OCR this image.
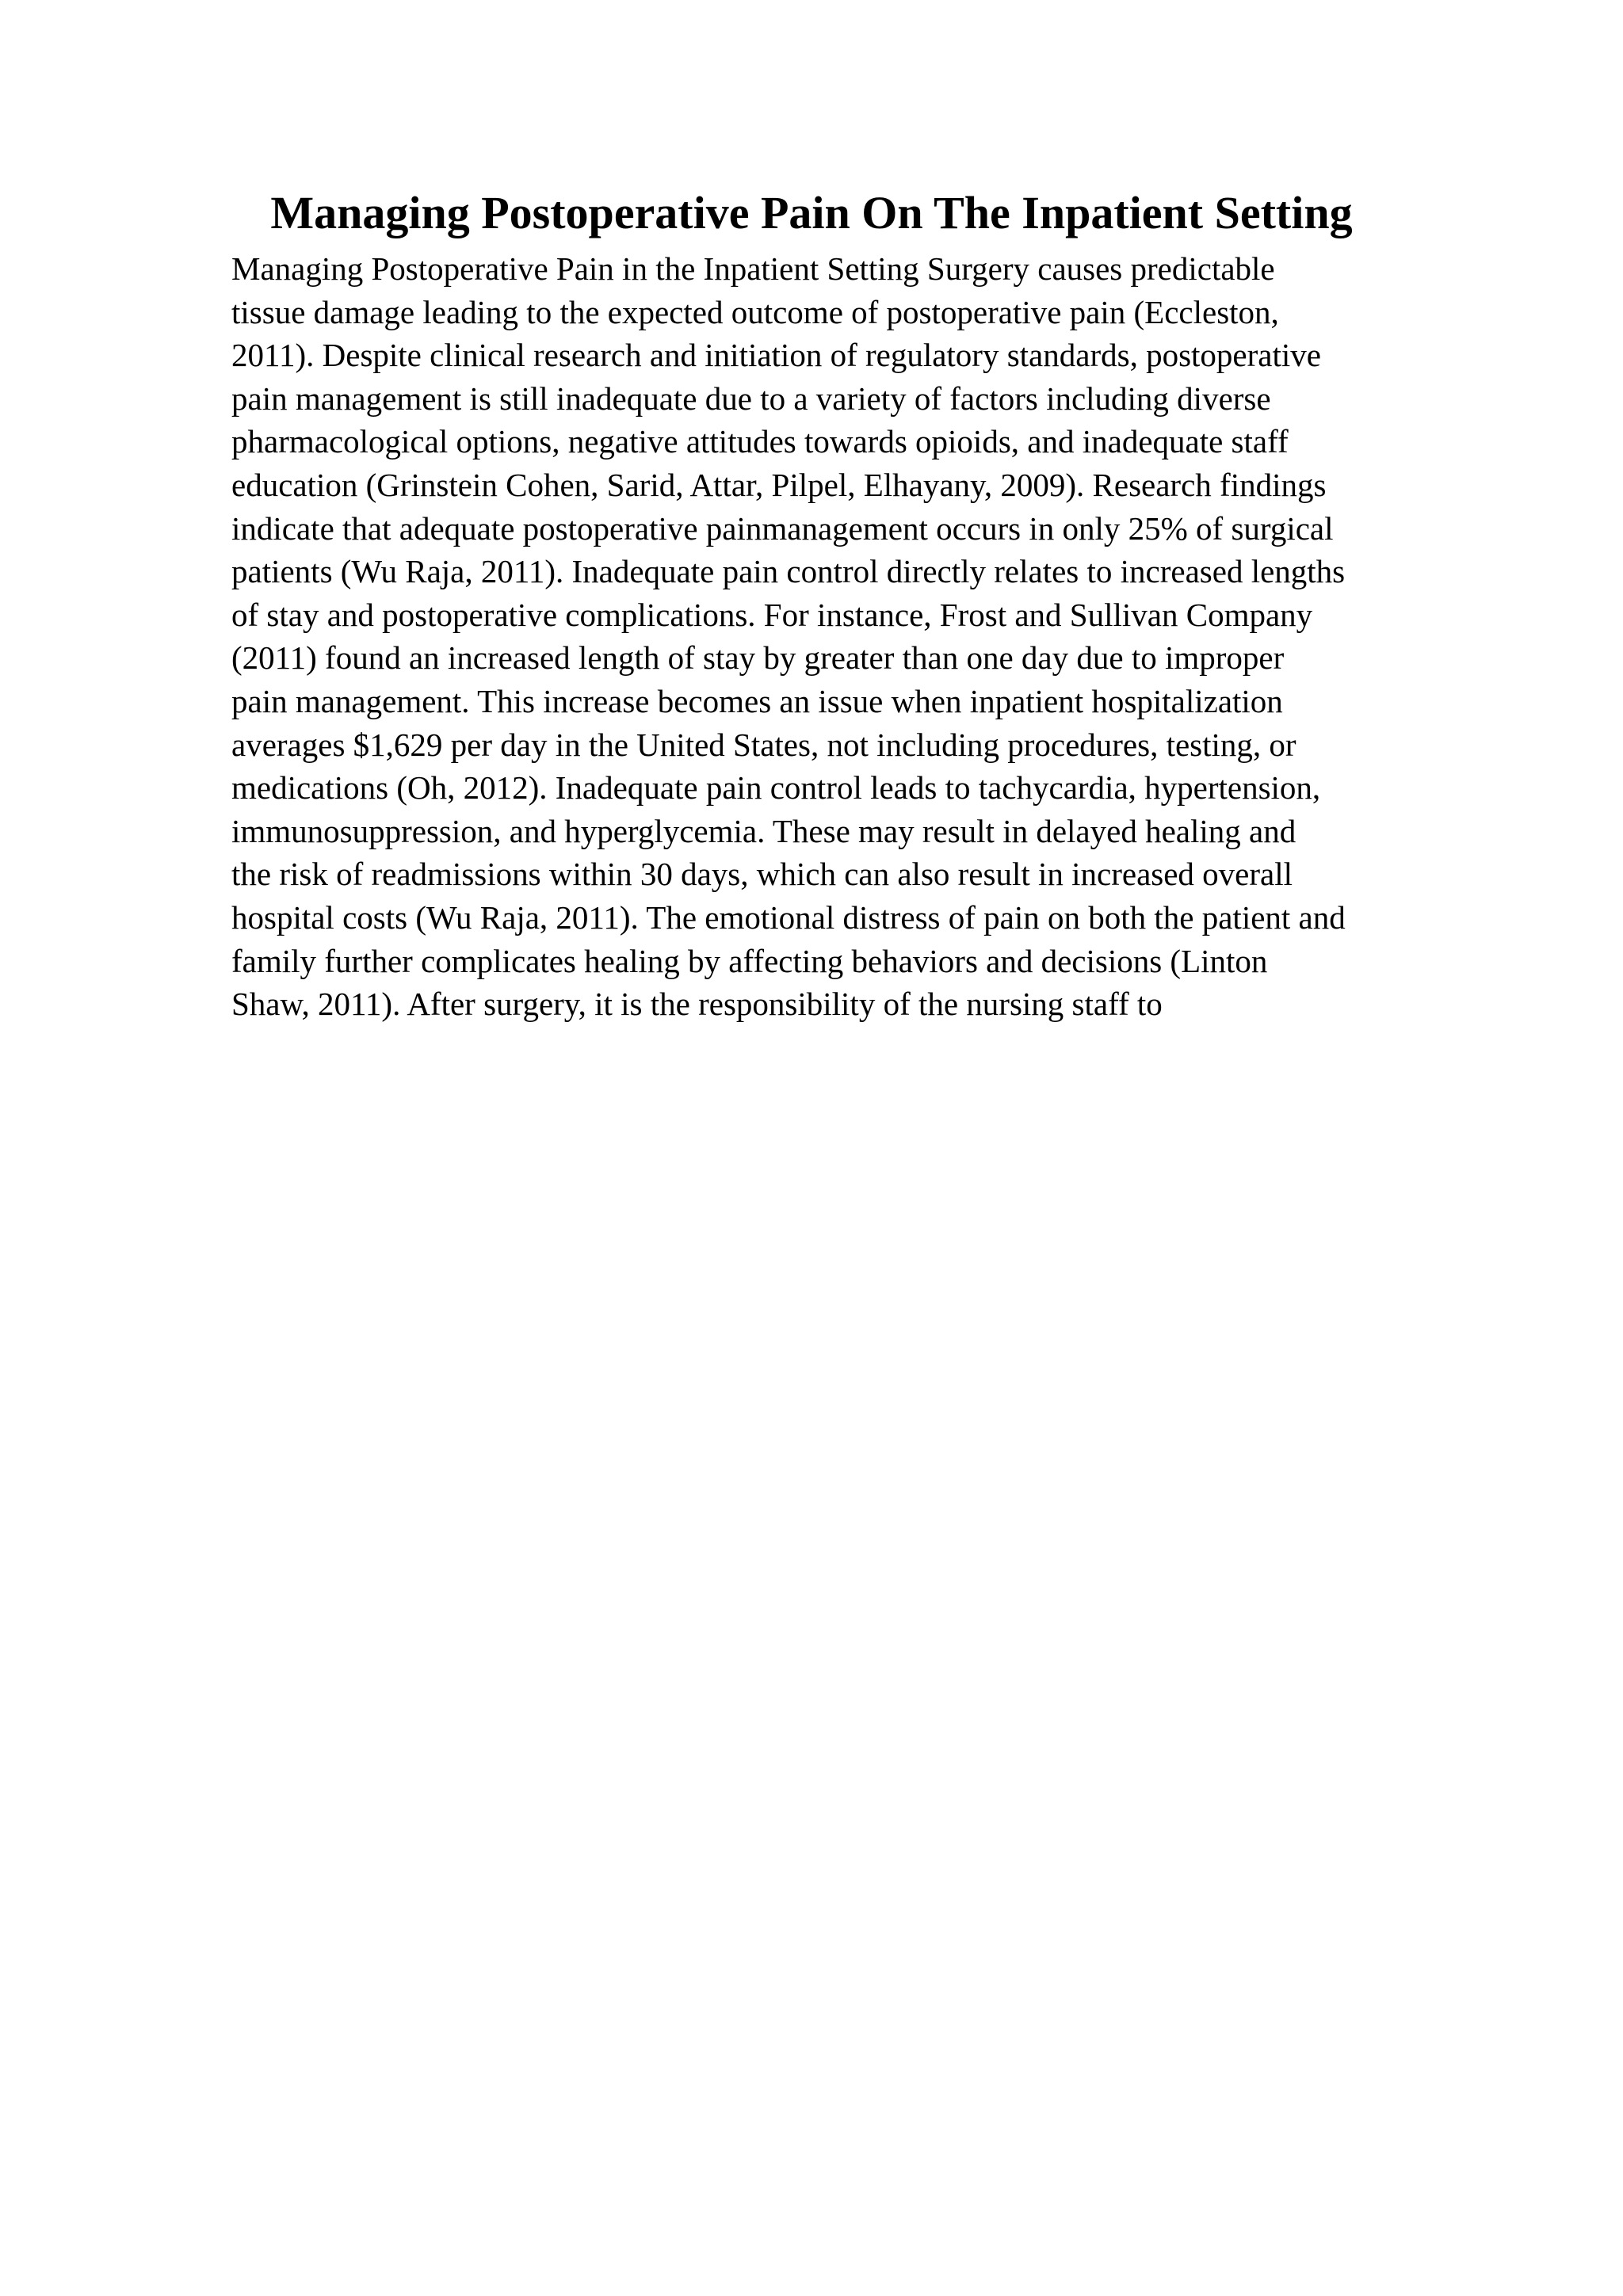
Managing Postoperative Pain On The Inpatient Setting
Managing Postoperative Pain in the Inpatient Setting Surgery causes predictable
tissue damage leading to the expected outcome of postoperative pain (Eccleston,
2011). Despite clinical research and initiation of regulatory standards, postoperative
pain management is still inadequate due to a variety of factors including diverse
pharmacological options, negative attitudes towards opioids, and inadequate staff
education (Grinstein Cohen, Sarid, Attar, Pilpel, Elhayany, 2009). Research findings
indicate that adequate postoperative painmanagement occurs in only 25% of surgical
patients (Wu Raja, 2011). Inadequate pain control directly relates to increased lengths
of stay and postoperative complications. For instance, Frost and Sullivan Company
(2011) found an increased length of stay by greater than one day due to improper
pain management. This increase becomes an issue when inpatient hospitalization
averages $1,629 per day in the United States, not including procedures, testing, or
medications (Oh, 2012). Inadequate pain control leads to tachycardia, hypertension,
immunosuppression, and hyperglycemia. These may result in delayed healing and
the risk of readmissions within 30 days, which can also result in increased overall
hospital costs (Wu Raja, 2011). The emotional distress of pain on both the patient and
family further complicates healing by affecting behaviors and decisions (Linton
Shaw, 2011). After surgery, it is the responsibility of the nursing staff to
